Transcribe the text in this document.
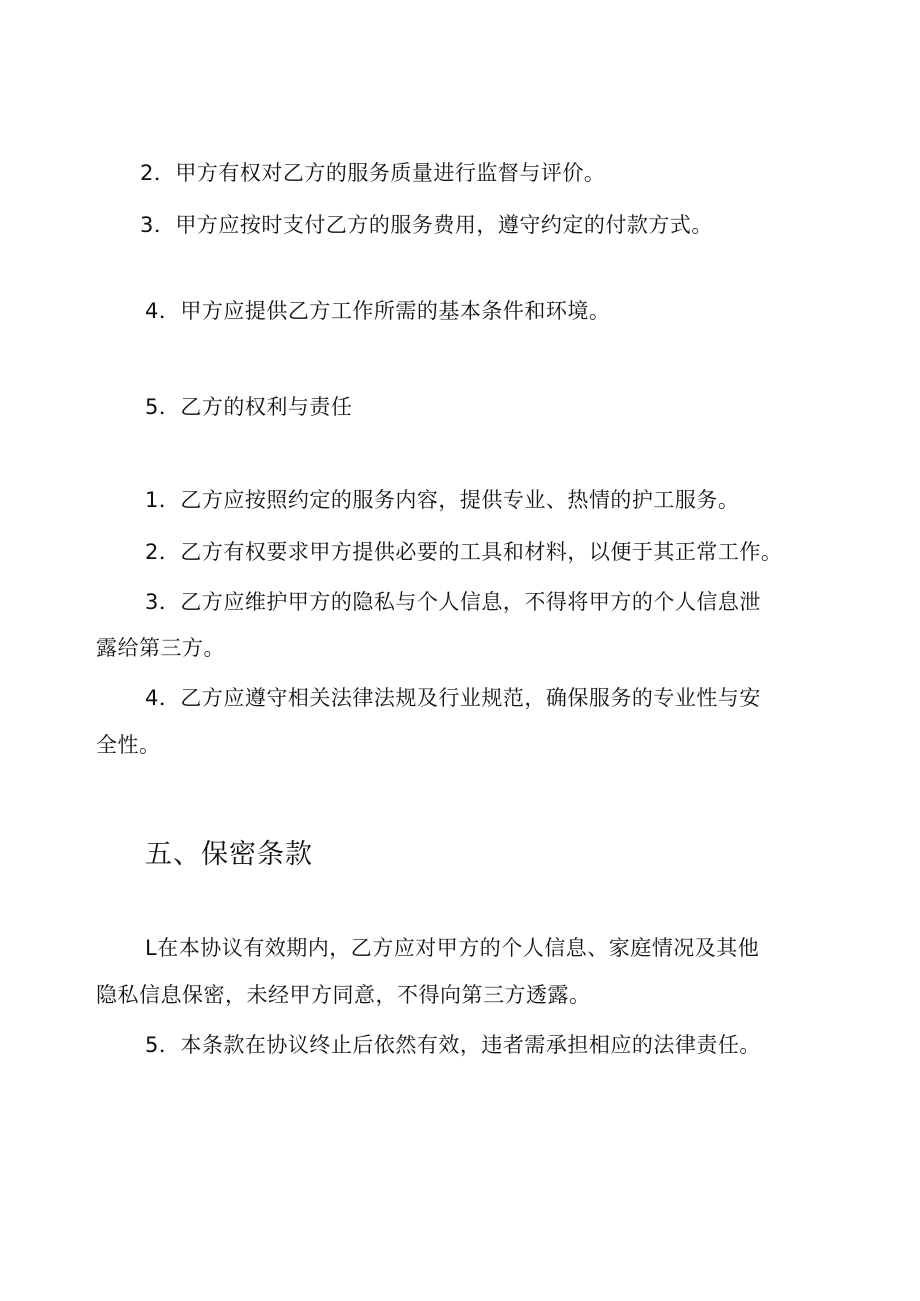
2．甲方有权对乙方的服务质量进行监督与评价。
3．甲方应按时支付乙方的服务费用，遵守约定的付款方式。
4．甲方应提供乙方工作所需的基本条件和环境。
5．乙方的权利与责任
1．乙方应按照约定的服务内容，提供专业、热情的护工服务。
2．乙方有权要求甲方提供必要的工具和材料，以便于其正常工作。
3．乙方应维护甲方的隐私与个人信息，不得将甲方的个人信息泄
露给第三方。
4．乙方应遵守相关法律法规及行业规范，确保服务的专业性与安
全性。
五、保密条款
L在本协议有效期内，乙方应对甲方的个人信息、家庭情况及其他
隐私信息保密，未经甲方同意，不得向第三方透露。
5．本条款在协议终止后依然有效，违者需承担相应的法律责任。
